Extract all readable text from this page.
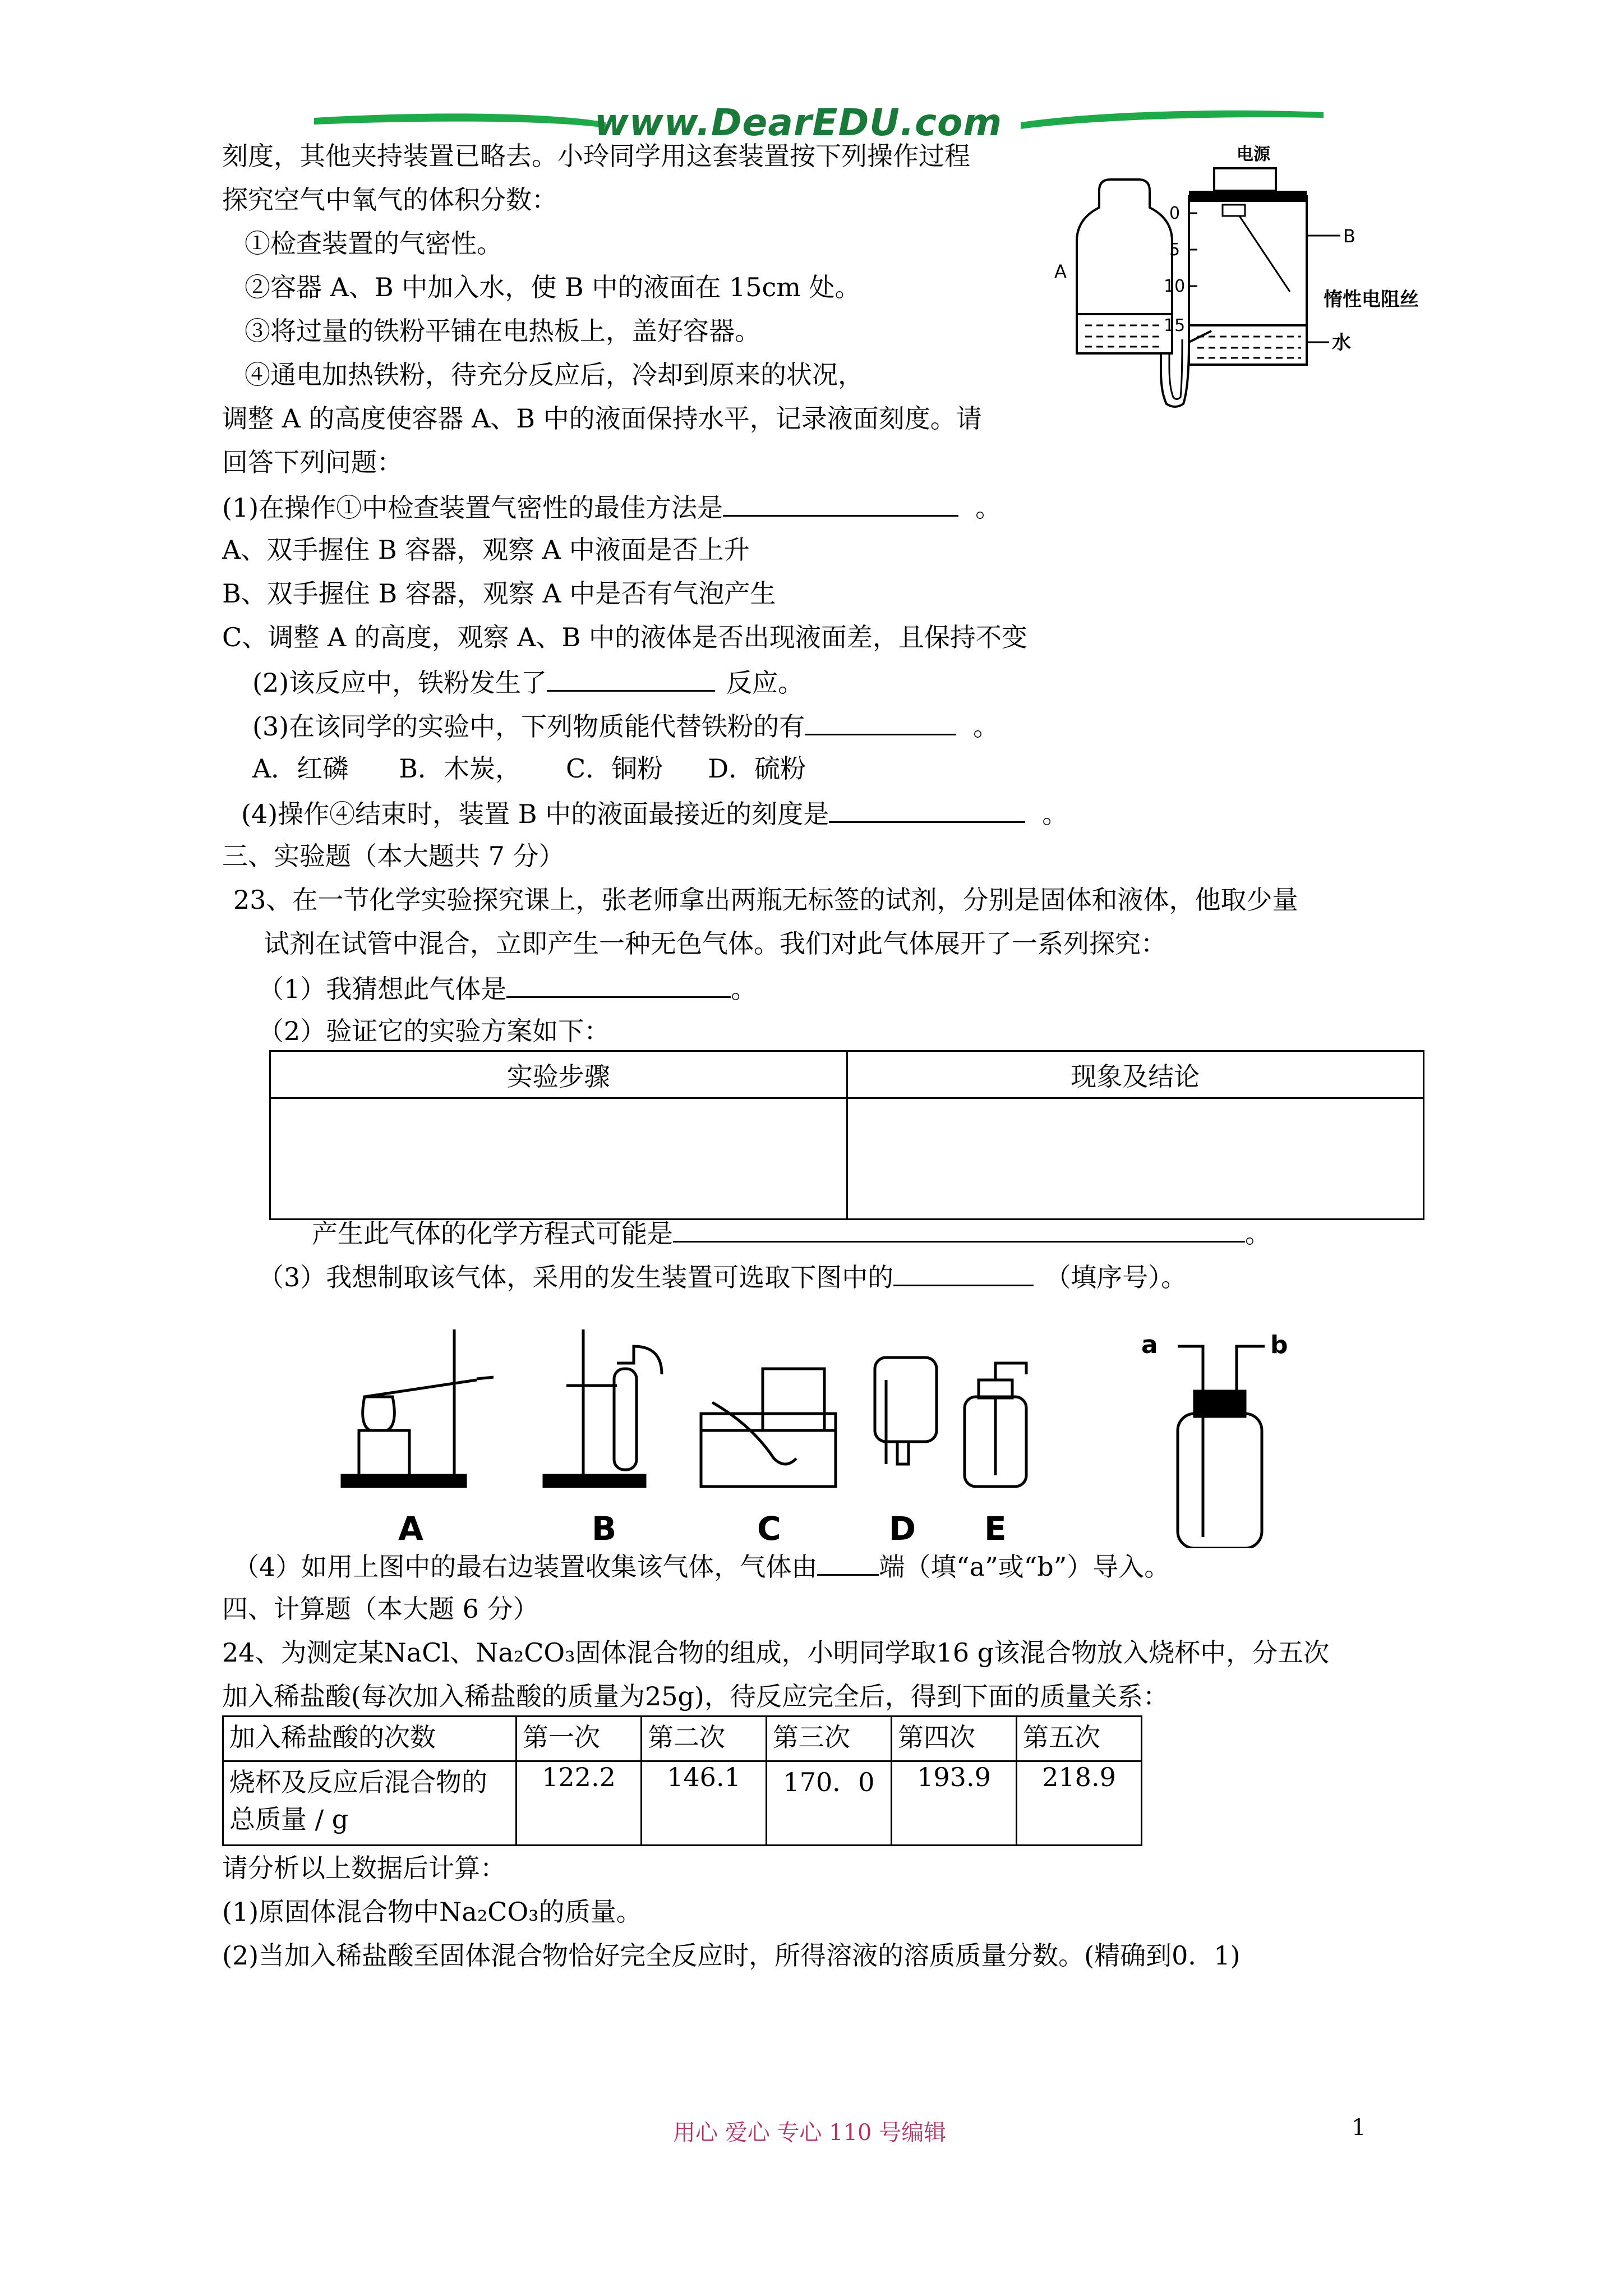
www.DearEDU.com
刻度，其他夹持装置已略去。小玲同学用这套装置按下列操作过程
探究空气中氧气的体积分数：
①检查装置的气密性。
②容器 A、B 中加入水，使 B 中的液面在 15cm 处。
③将过量的铁粉平铺在电热板上，盖好容器。
④通电加热铁粉，待充分反应后，冷却到原来的状况，
调整 A 的高度使容器 A、B 中的液面保持水平，记录液面刻度。请
回答下列问题：
电源
A
B
惰性电阻丝
水
0
5
10
15
(1)在操作①中检查装置气密性的最佳方法是	。
A、双手握住 B 容器，观察 A 中液面是否上升
B、双手握住 B 容器，观察 A 中是否有气泡产生
C、调整 A 的高度，观察 A、B 中的液体是否出现液面差，且保持不变
(2)该反应中，铁粉发生了	反应。
(3)在该同学的实验中，下列物质能代替铁粉的有	。
A．红磷 B．木炭， C．铜粉 D．硫粉
(4)操作④结束时，装置 B 中的液面最接近的刻度是	。
三、实验题（本大题共 7 分）
23、在一节化学实验探究课上，张老师拿出两瓶无标签的试剂，分别是固体和液体，他取少量
试剂在试管中混合，立即产生一种无色气体。我们对此气体展开了一系列探究：
（1）我猜想此气体是	。
（2）验证它的实验方案如下：
实验步骤	现象及结论

产生此气体的化学方程式可能是	。
（3）我想制取该气体，采用的发生装置可选取下图中的	（填序号）。
a	b
A	B	C	D E
（4）如用上图中的最右边装置收集该气体，气体由 端（填“a”或“b”）导入。
四、计算题（本大题 6 分）
24、为测定某NaCl、Na₂CO₃固体混合物的组成，小明同学取16 g该混合物放入烧杯中，分五次
加入稀盐酸(每次加入稀盐酸的质量为25g)，待反应完全后，得到下面的质量关系：
加入稀盐酸的次数	第一次	第二次	第三次	第四次	第五次

烧杯及反应后混合物的
总质量 / g	122.2	146.1	170．0	193.9	218.9
请分析以上数据后计算：
(1)原固体混合物中Na₂CO₃的质量。
(2)当加入稀盐酸至固体混合物恰好完全反应时，所得溶液的溶质质量分数。(精确到0．1)
用心 爱心 专心 110 号编辑	1
